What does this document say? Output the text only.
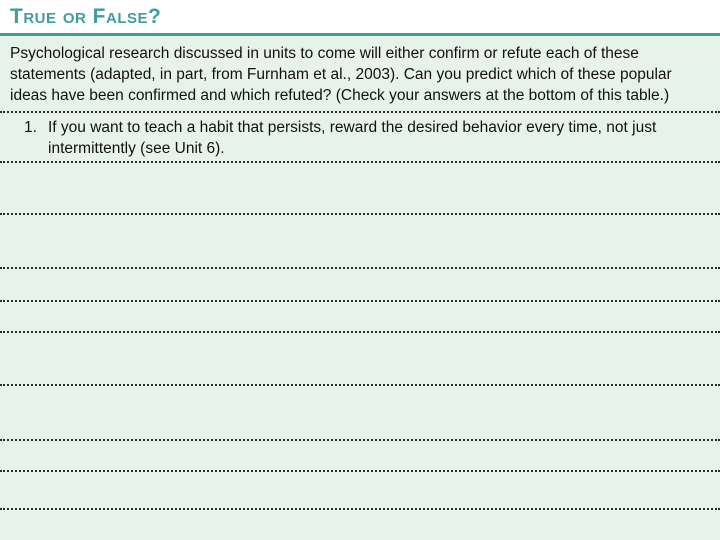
True or False?

Psychological research discussed in units to come will either confirm or refute each of these statements (adapted, in part, from Furnham et al., 2003). Can you predict which of these popular ideas have been confirmed and which refuted? (Check your answers at the bottom of this table.)

1. If you want to teach a habit that persists, reward the desired behavior every time, not just intermittently (see Unit 6).
